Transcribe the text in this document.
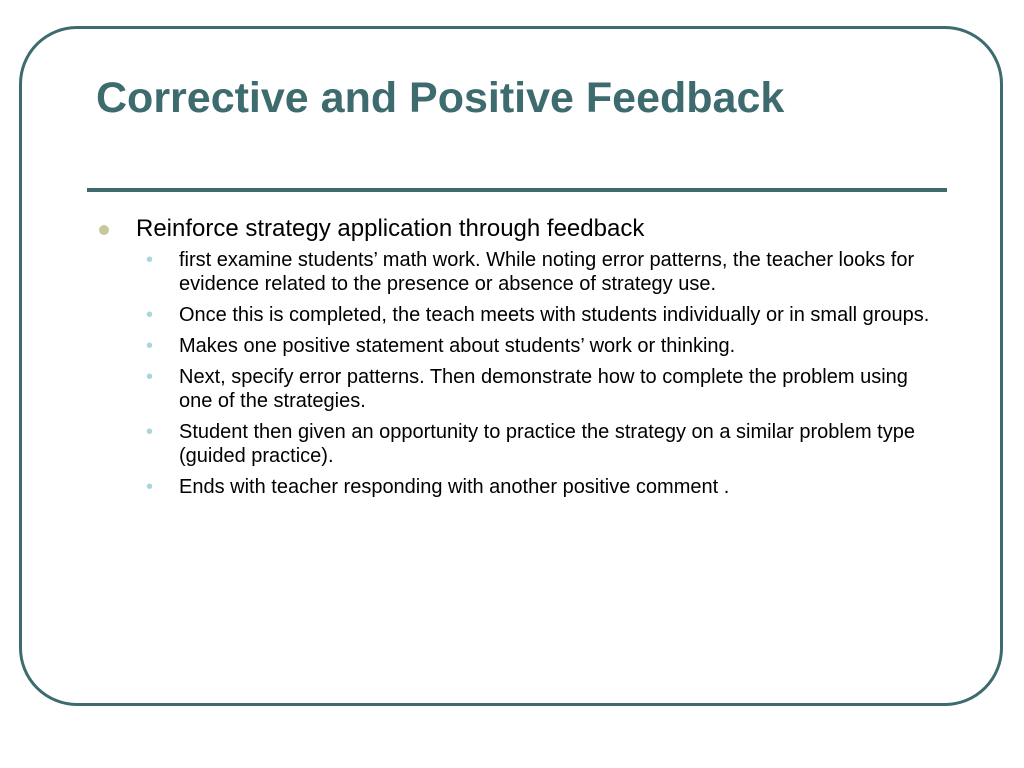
Corrective and Positive Feedback
Reinforce strategy application through feedback
• first examine students’ math work. While noting error patterns, the teacher looks for evidence related to the presence or absence of strategy use.
• Once this is completed, the teach meets with students individually or in small groups.
• Makes one positive statement about students’ work or thinking.
• Next, specify error patterns. Then demonstrate how to complete the problem using one of the strategies.
• Student then given an opportunity to practice the strategy on a similar problem type (guided practice).
• Ends with teacher responding with another positive comment .
